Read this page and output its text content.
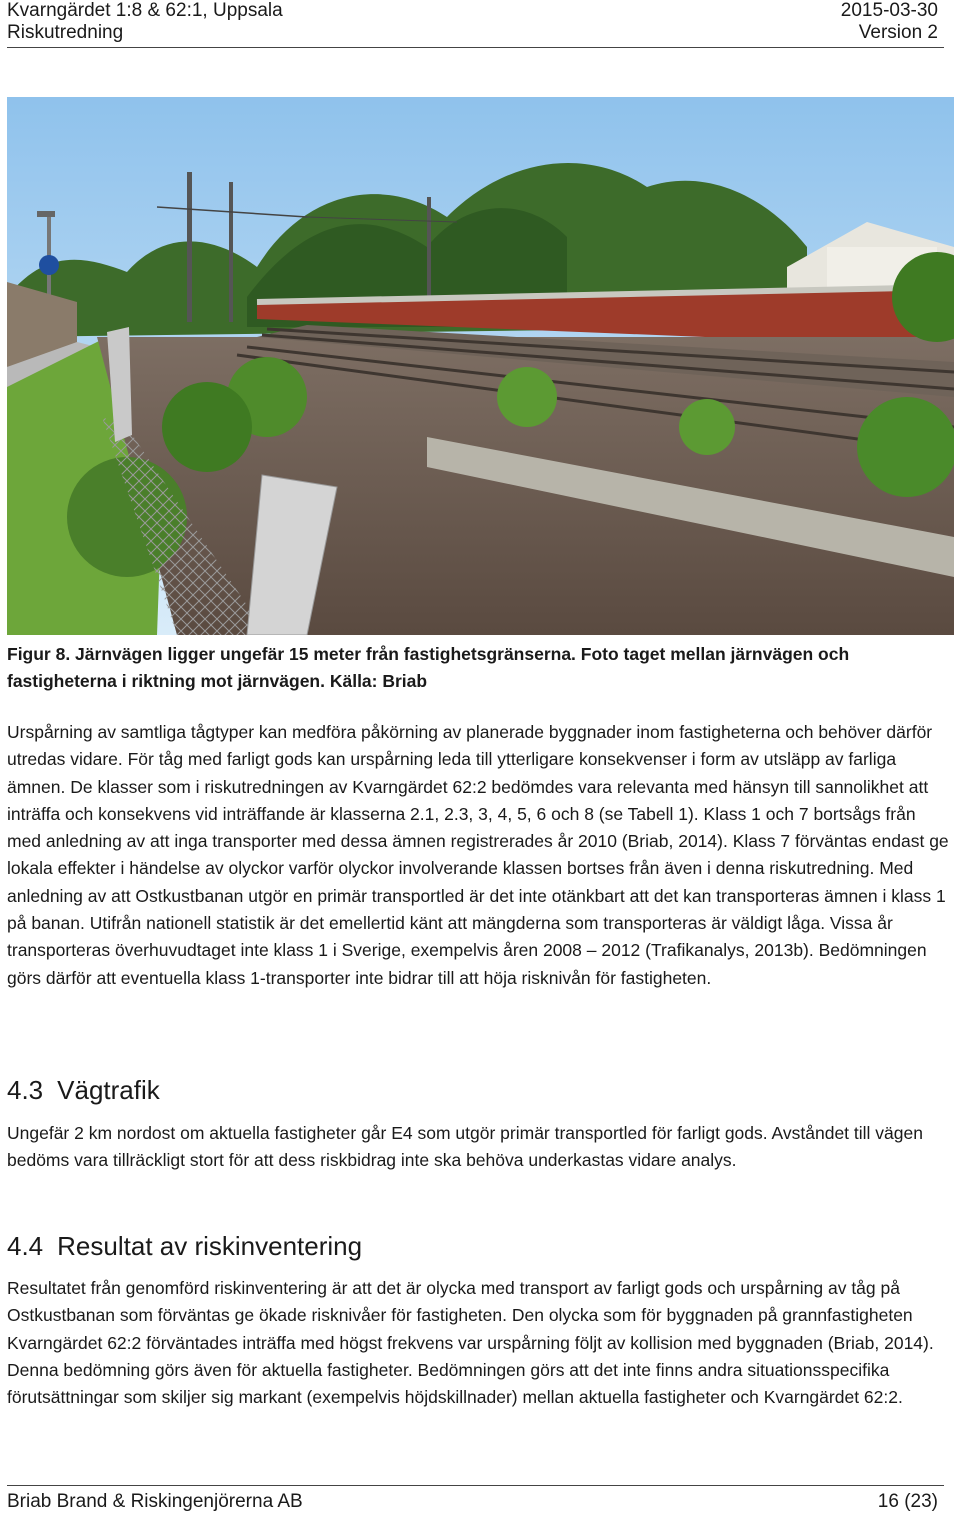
Kvarngärdet 1:8 & 62:1, Uppsala	2015-03-30
Riskutredning	Version 2
Figur 8. Järnvägen ligger ungefär 15 meter från fastighetsgränserna. Foto taget mellan järnvägen och fastigheterna i riktning mot järnvägen. Källa: Briab

Urspårning av samtliga tågtyper kan medföra påkörning av planerade byggnader inom fastigheterna och behöver därför utredas vidare. För tåg med farligt gods kan urspårning leda till ytterligare konsekvenser i form av utsläpp av farliga ämnen. De klasser som i riskutredningen av Kvarngärdet 62:2 bedömdes vara relevanta med hänsyn till sannolikhet att inträffa och konsekvens vid inträffande är klasserna 2.1, 2.3, 3, 4, 5, 6 och 8 (se Tabell 1). Klass 1 och 7 bortsågs från med anledning av att inga transporter med dessa ämnen registrerades år 2010 (Briab, 2014). Klass 7 förväntas endast ge lokala effekter i händelse av olyckor varför olyckor involverande klassen bortses från även i denna riskutredning. Med anledning av att Ostkustbanan utgör en primär transportled är det inte otänkbart att det kan transporteras ämnen i klass 1 på banan. Utifrån nationell statistik är det emellertid känt att mängderna som transporteras är väldigt låga. Vissa år transporteras överhuvudtaget inte klass 1 i Sverige, exempelvis åren 2008 – 2012 (Trafikanalys, 2013b). Bedömningen görs därför att eventuella klass 1-transporter inte bidrar till att höja risknivån för fastigheten.

4.3 Vägtrafik

Ungefär 2 km nordost om aktuella fastigheter går E4 som utgör primär transportled för farligt gods. Avståndet till vägen bedöms vara tillräckligt stort för att dess riskbidrag inte ska behöva underkastas vidare analys.

4.4 Resultat av riskinventering

Resultatet från genomförd riskinventering är att det är olycka med transport av farligt gods och urspårning av tåg på Ostkustbanan som förväntas ge ökade risknivåer för fastigheten. Den olycka som för byggnaden på grannfastigheten Kvarngärdet 62:2 förväntades inträffa med högst frekvens var urspårning följt av kollision med byggnaden (Briab, 2014). Denna bedömning görs även för aktuella fastigheter. Bedömningen görs att det inte finns andra situationsspecifika förutsättningar som skiljer sig markant (exempelvis höjdskillnader) mellan aktuella fastigheter och Kvarngärdet 62:2.

Briab Brand & Riskingenjörerna AB	16 (23)
